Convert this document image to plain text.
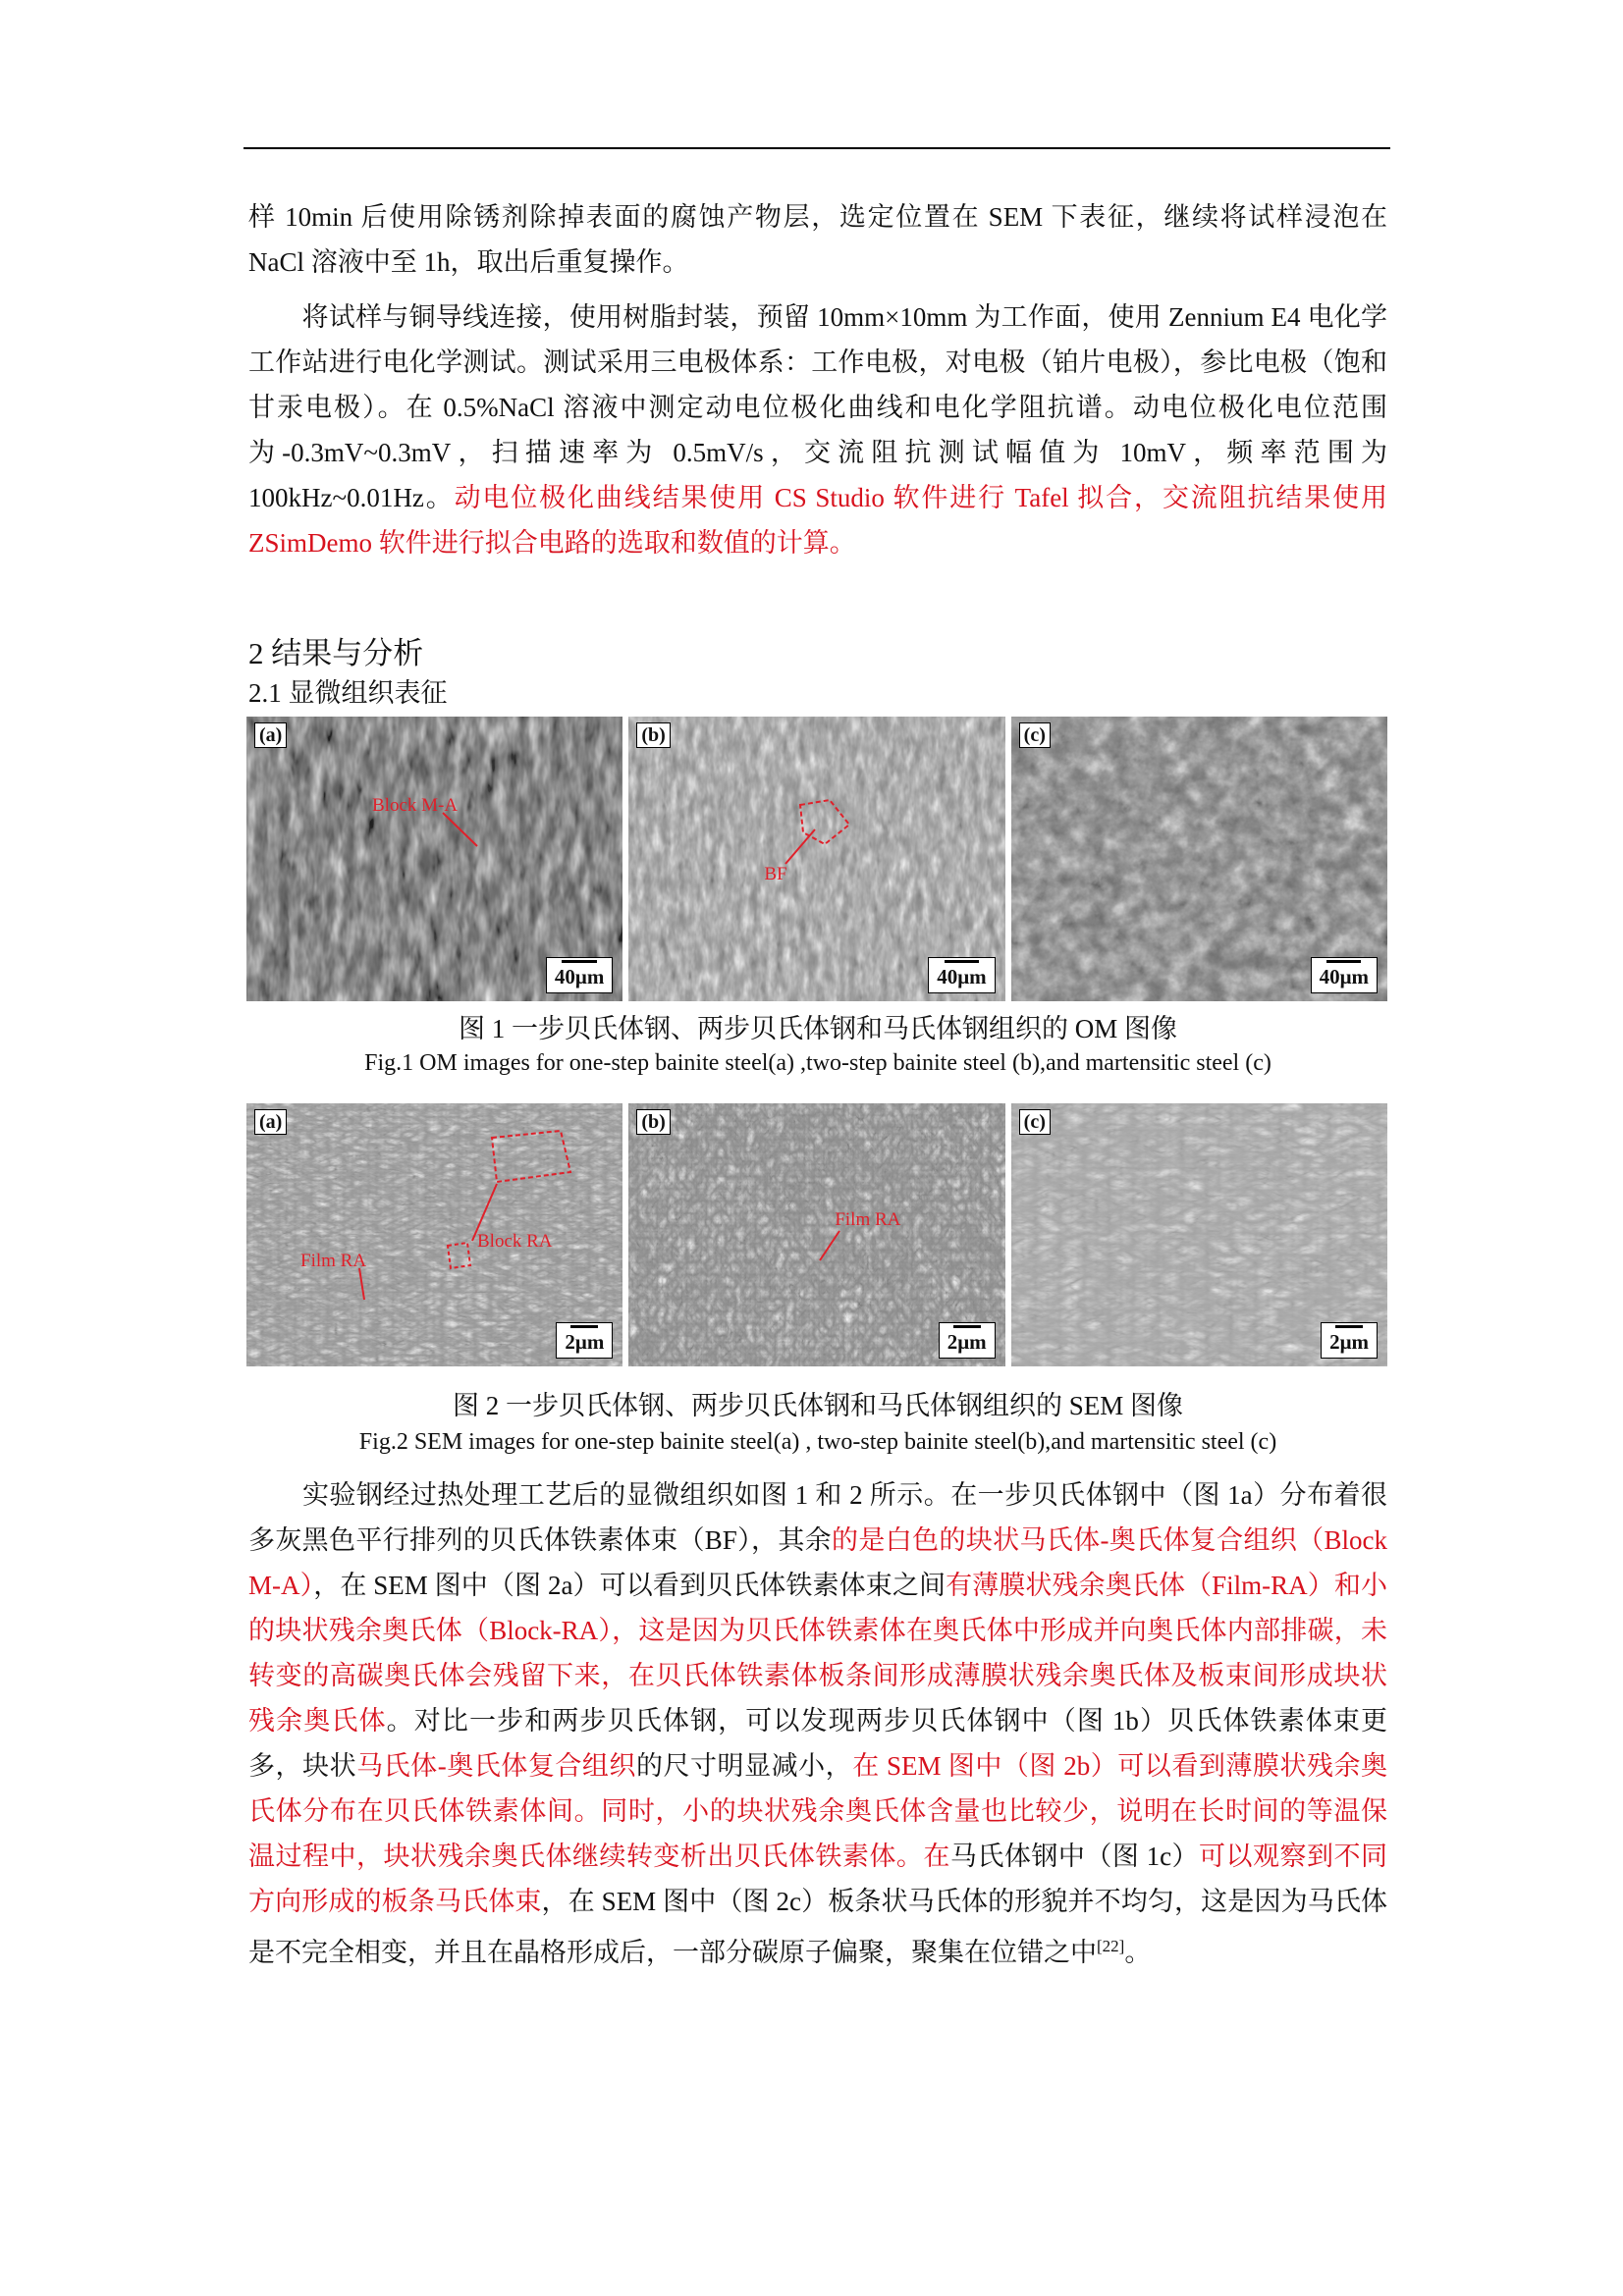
样 10min 后使用除锈剂除掉表面的腐蚀产物层，选定位置在 SEM 下表征，继续将试样浸泡在 NaCl 溶液中至 1h，取出后重复操作。

　　将试样与铜导线连接，使用树脂封装，预留 10mm×10mm 为工作面，使用 Zennium E4 电化学工作站进行电化学测试。测试采用三电极体系：工作电极，对电极（铂片电极），参比电极（饱和甘汞电极）。在 0.5%NaCl 溶液中测定动电位极化曲线和电化学阻抗谱。动电位极化电位范围为-0.3mV~0.3mV，扫描速率为 0.5mV/s，交流阻抗测试幅值为 10mV，频率范围为 100kHz~0.01Hz。动电位极化曲线结果使用 CS Studio 软件进行 Tafel 拟合，交流阻抗结果使用 ZSimDemo 软件进行拟合电路的选取和数值的计算。

2 结果与分析

2.1 显微组织表征

(a)
Block M-A
40μm
(b)
BF
40μm
(c)
40μm

图 1 一步贝氏体钢、两步贝氏体钢和马氏体钢组织的 OM 图像

Fig.1 OM images for one-step bainite steel(a) ,two-step bainite steel (b),and martensitic steel (c)

(a)
Block RA
Film RA
2μm
(b)
Film RA
2μm
(c)
2μm

图 2 一步贝氏体钢、两步贝氏体钢和马氏体钢组织的 SEM 图像

Fig.2 SEM images for one-step bainite steel(a) , two-step bainite steel(b),and martensitic steel (c)

　　实验钢经过热处理工艺后的显微组织如图 1 和 2 所示。在一步贝氏体钢中（图 1a）分布着很多灰黑色平行排列的贝氏体铁素体束（BF），其余的是白色的块状马氏体-奥氏体复合组织（Block M-A），在 SEM 图中（图 2a）可以看到贝氏体铁素体束之间有薄膜状残余奥氏体（Film-RA）和小的块状残余奥氏体（Block-RA），这是因为贝氏体铁素体在奥氏体中形成并向奥氏体内部排碳，未转变的高碳奥氏体会残留下来，在贝氏体铁素体板条间形成薄膜状残余奥氏体及板束间形成块状残余奥氏体。对比一步和两步贝氏体钢，可以发现两步贝氏体钢中（图 1b）贝氏体铁素体束更多，块状马氏体-奥氏体复合组织的尺寸明显减小，在 SEM 图中（图 2b）可以看到薄膜状残余奥氏体分布在贝氏体铁素体间。同时，小的块状残余奥氏体含量也比较少，说明在长时间的等温保温过程中，块状残余奥氏体继续转变析出贝氏体铁素体。在马氏体钢中（图 1c）可以观察到不同方向形成的板条马氏体束，在 SEM 图中（图 2c）板条状马氏体的形貌并不均匀，这是因为马氏体是不完全相变，并且在晶格形成后，一部分碳原子偏聚，聚集在位错之中[22]。
